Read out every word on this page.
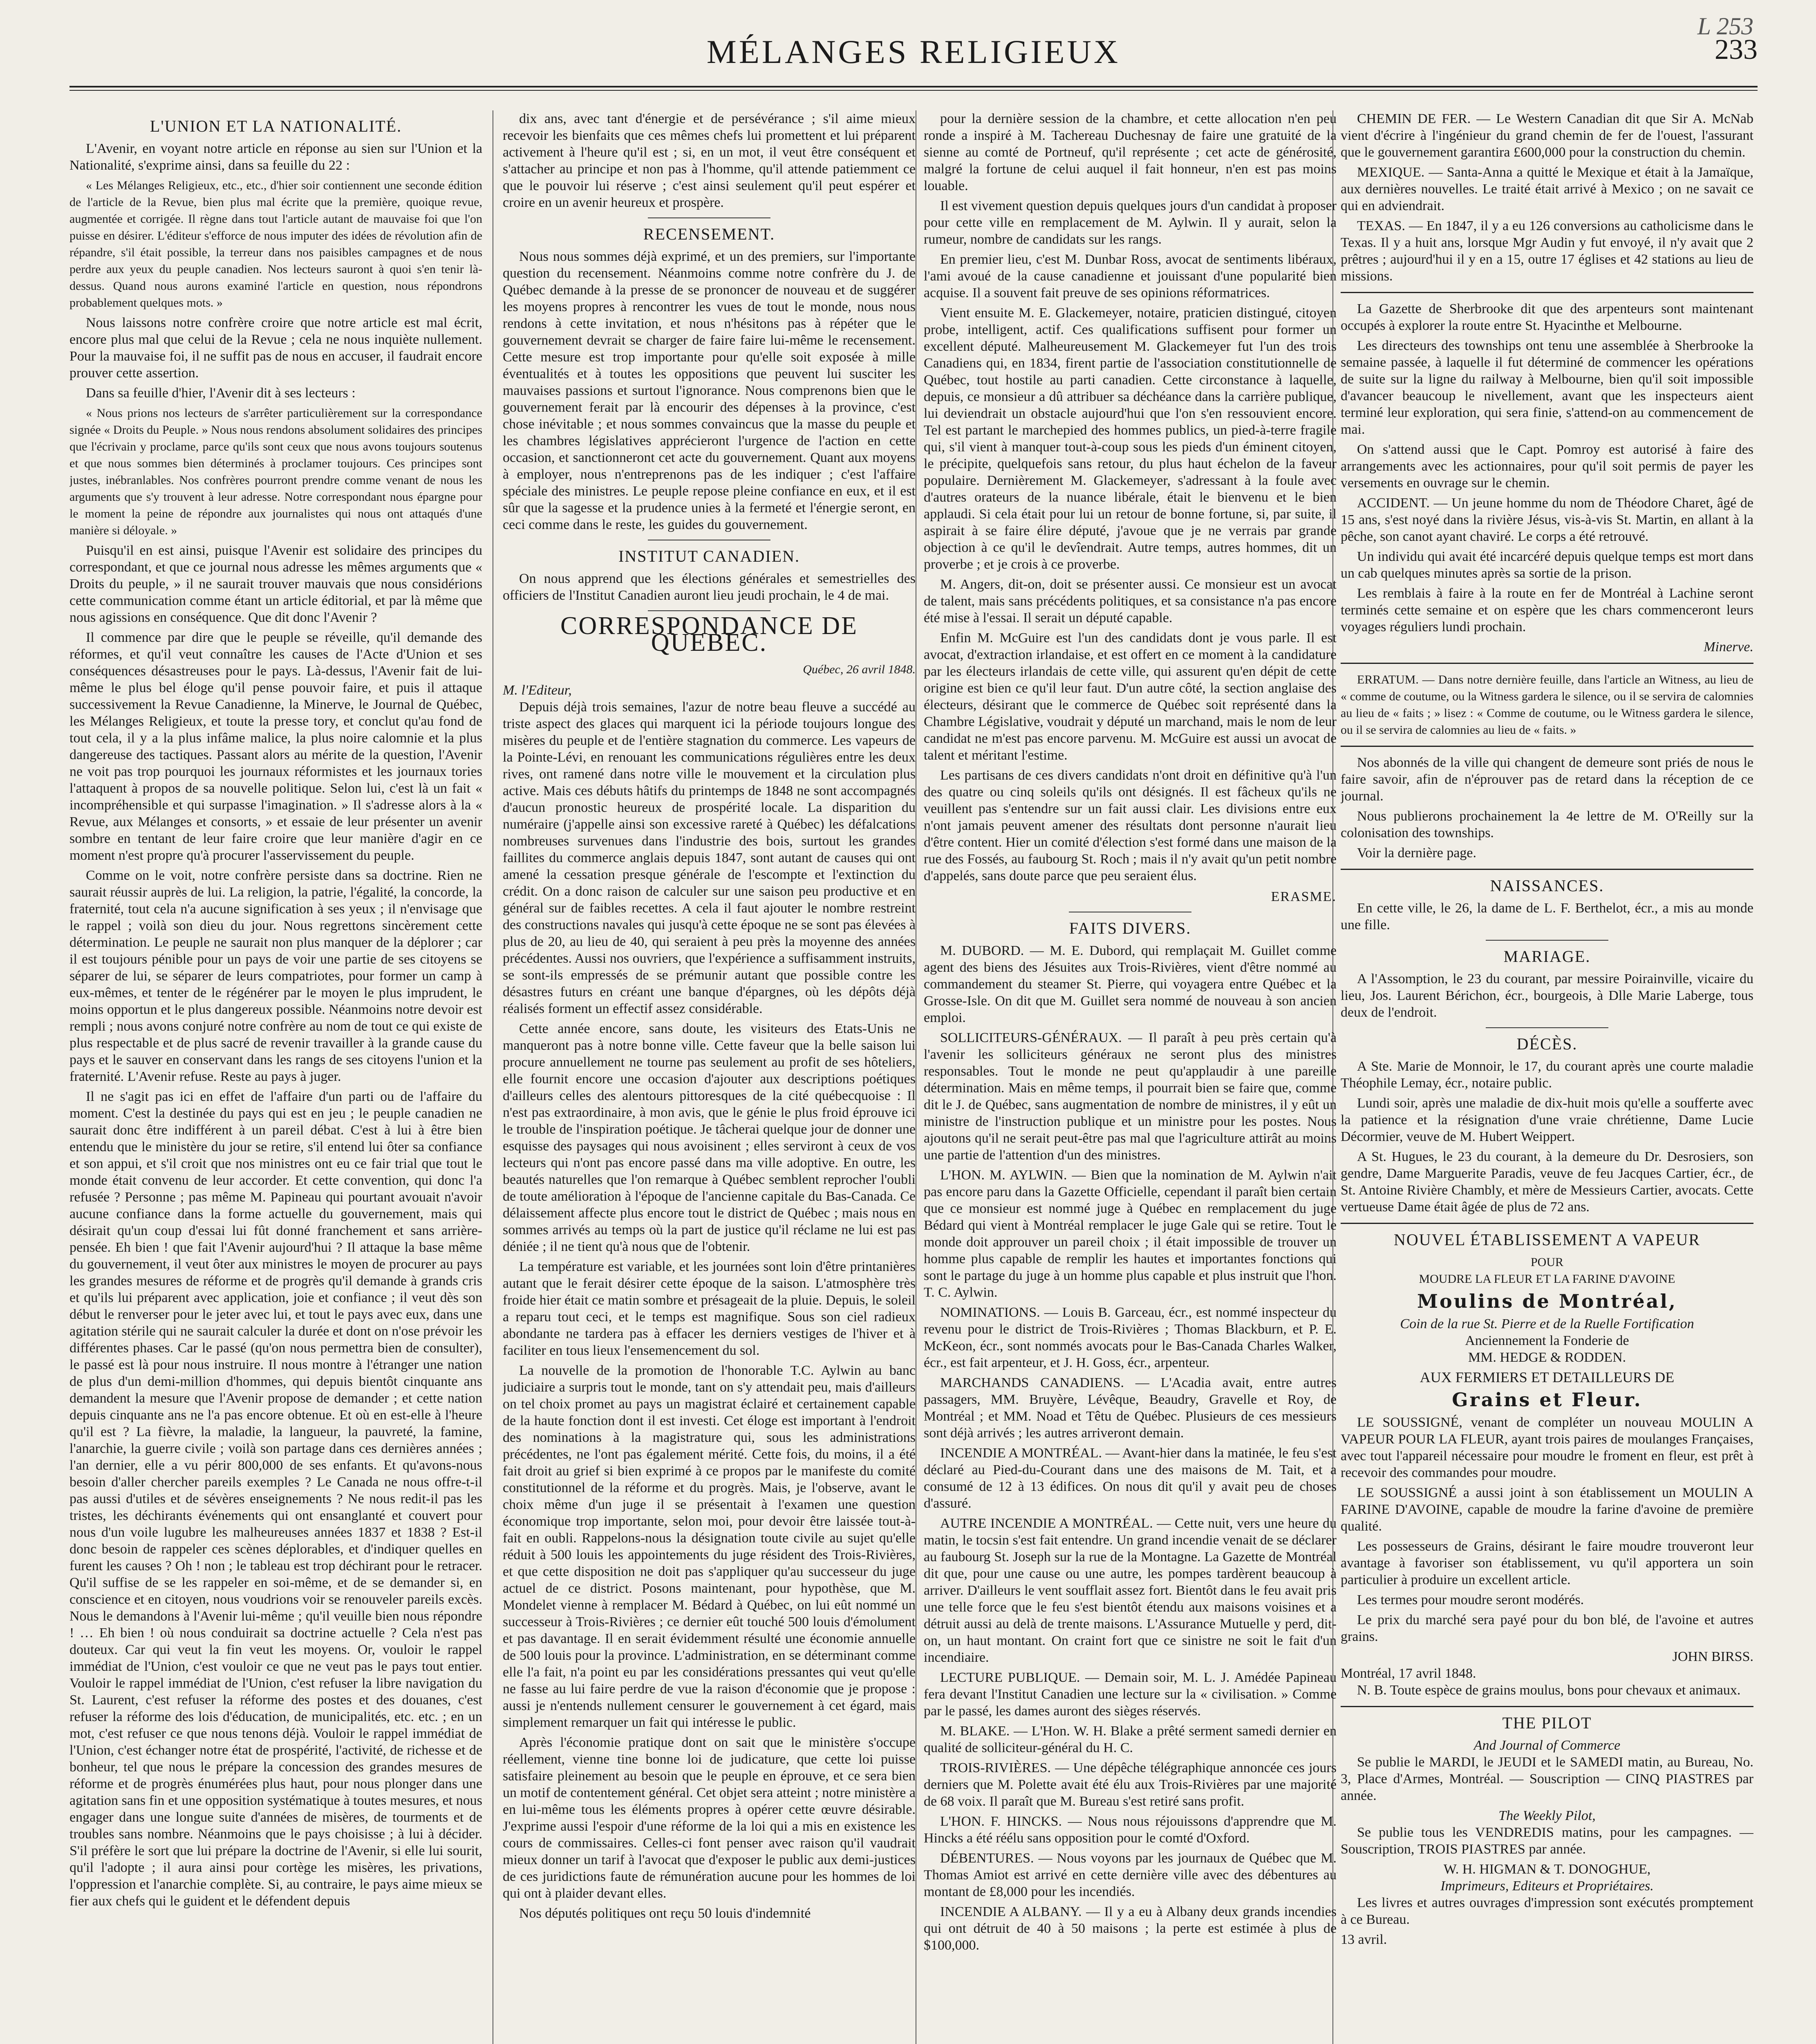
L 253
MÉLANGES RELIGIEUX	233
L'UNION ET LA NATIONALITÉ.

L'Avenir, en voyant notre article en réponse au sien sur l'Union et la Nationalité, s'exprime ainsi, dans sa feuille du 22 :

« Les Mélanges Religieux, etc., etc., d'hier soir contiennent une seconde édition de l'article de la Revue, bien plus mal écrite que la première, quoique revue, augmentée et corrigée. Il règne dans tout l'article autant de mauvaise foi que l'on puisse en désirer. L'éditeur s'efforce de nous imputer des idées de révolution afin de répandre, s'il était possible, la terreur dans nos paisibles campagnes et de nous perdre aux yeux du peuple canadien. Nos lecteurs sauront à quoi s'en tenir là-dessus. Quand nous aurons examiné l'article en question, nous répondrons probablement quelques mots. »

Nous laissons notre confrère croire que notre article est mal écrit, encore plus mal que celui de la Revue ; cela ne nous inquiète nullement. Pour la mauvaise foi, il ne suffit pas de nous en accuser, il faudrait encore prouver cette assertion.

Dans sa feuille d'hier, l'Avenir dit à ses lecteurs :

« Nous prions nos lecteurs de s'arrêter particulièrement sur la correspondance signée « Droits du Peuple. » Nous nous rendons absolument solidaires des principes que l'écrivain y proclame, parce qu'ils sont ceux que nous avons toujours soutenus et que nous sommes bien déterminés à proclamer toujours. Ces principes sont justes, inébranlables. Nos confrères pourront prendre comme venant de nous les arguments que s'y trouvent à leur adresse. Notre correspondant nous épargne pour le moment la peine de répondre aux journalistes qui nous ont attaqués d'une manière si déloyale. »

Puisqu'il en est ainsi, puisque l'Avenir est solidaire des principes du correspondant, et que ce journal nous adresse les mêmes arguments que « Droits du peuple, » il ne saurait trouver mauvais que nous considérions cette communication comme étant un article éditorial, et par là même que nous agissions en conséquence. Que dit donc l'Avenir ?

Il commence par dire que le peuple se réveille, qu'il demande des réformes, et qu'il veut connaître les causes de l'Acte d'Union et ses conséquences désastreuses pour le pays. Là-dessus, l'Avenir fait de lui-même le plus bel éloge qu'il pense pouvoir faire, et puis il attaque successivement la Revue Canadienne, la Minerve, le Journal de Québec, les Mélanges Religieux, et toute la presse tory, et conclut qu'au fond de tout cela, il y a la plus infâme malice, la plus noire calomnie et la plus dangereuse des tactiques. Passant alors au mérite de la question, l'Avenir ne voit pas trop pourquoi les journaux réformistes et les journaux tories l'attaquent à propos de sa nouvelle politique. Selon lui, c'est là un fait « incompréhensible et qui surpasse l'imagination. » Il s'adresse alors à la « Revue, aux Mélanges et consorts, » et essaie de leur présenter un avenir sombre en tentant de leur faire croire que leur manière d'agir en ce moment n'est propre qu'à procurer l'asservissement du peuple.

Comme on le voit, notre confrère persiste dans sa doctrine. Rien ne saurait réussir auprès de lui. La religion, la patrie, l'égalité, la concorde, la fraternité, tout cela n'a aucune signification à ses yeux ; il n'envisage que le rappel ; voilà son dieu du jour. Nous regrettons sincèrement cette détermination. Le peuple ne saurait non plus manquer de la déplorer ; car il est toujours pénible pour un pays de voir une partie de ses citoyens se séparer de lui, se séparer de leurs compatriotes, pour former un camp à eux-mêmes, et tenter de le régénérer par le moyen le plus imprudent, le moins opportun et le plus dangereux possible. Néanmoins notre devoir est rempli ; nous avons conjuré notre confrère au nom de tout ce qui existe de plus respectable et de plus sacré de revenir travailler à la grande cause du pays et le sauver en conservant dans les rangs de ses citoyens l'union et la fraternité. L'Avenir refuse. Reste au pays à juger.

Il ne s'agit pas ici en effet de l'affaire d'un parti ou de l'affaire du moment. C'est la destinée du pays qui est en jeu ; le peuple canadien ne saurait donc être indifférent à un pareil débat. C'est à lui à être bien entendu que le ministère du jour se retire, s'il entend lui ôter sa confiance et son appui, et s'il croit que nos ministres ont eu ce fair trial que tout le monde était convenu de leur accorder. Et cette convention, qui donc l'a refusée ? Personne ; pas même M. Papineau qui pourtant avouait n'avoir aucune confiance dans la forme actuelle du gouvernement, mais qui désirait qu'un coup d'essai lui fût donné franchement et sans arrière-pensée. Eh bien ! que fait l'Avenir aujourd'hui ? Il attaque la base même du gouvernement, il veut ôter aux ministres le moyen de procurer au pays les grandes mesures de réforme et de progrès qu'il demande à grands cris et qu'ils lui préparent avec application, joie et confiance ; il veut dès son début le renverser pour le jeter avec lui, et tout le pays avec eux, dans une agitation stérile qui ne saurait calculer la durée et dont on n'ose prévoir les différentes phases. Car le passé (qu'on nous permettra bien de consulter), le passé est là pour nous instruire. Il nous montre à l'étranger une nation de plus d'un demi-million d'hommes, qui depuis bientôt cinquante ans demandent la mesure que l'Avenir propose de demander ; et cette nation depuis cinquante ans ne l'a pas encore obtenue. Et où en est-elle à l'heure qu'il est ? La fièvre, la maladie, la langueur, la pauvreté, la famine, l'anarchie, la guerre civile ; voilà son partage dans ces dernières années ; l'an dernier, elle a vu périr 800,000 de ses enfants. Et qu'avons-nous besoin d'aller chercher pareils exemples ? Le Canada ne nous offre-t-il pas aussi d'utiles et de sévères enseignements ? Ne nous redit-il pas les tristes, les déchirants événements qui ont ensanglanté et couvert pour nous d'un voile lugubre les malheureuses années 1837 et 1838 ? Est-il donc besoin de rappeler ces scènes déplorables, et d'indiquer quelles en furent les causes ? Oh ! non ; le tableau est trop déchirant pour le retracer. Qu'il suffise de se les rappeler en soi-même, et de se demander si, en conscience et en citoyen, nous voudrions voir se renouveler pareils excès. Nous le demandons à l'Avenir lui-même ; qu'il veuille bien nous répondre ! … Eh bien ! où nous conduirait sa doctrine actuelle ? Cela n'est pas douteux. Car qui veut la fin veut les moyens. Or, vouloir le rappel immédiat de l'Union, c'est vouloir ce que ne veut pas le pays tout entier. Vouloir le rappel immédiat de l'Union, c'est refuser la libre navigation du St. Laurent, c'est refuser la réforme des postes et des douanes, c'est refuser la réforme des lois d'éducation, de municipalités, etc. etc. ; en un mot, c'est refuser ce que nous tenons déjà. Vouloir le rappel immédiat de l'Union, c'est échanger notre état de prospérité, l'activité, de richesse et de bonheur, tel que nous le prépare la concession des grandes mesures de réforme et de progrès énumérées plus haut, pour nous plonger dans une agitation sans fin et une opposition systématique à toutes mesures, et nous engager dans une longue suite d'années de misères, de tourments et de troubles sans nombre. Néanmoins que le pays choisisse ; à lui à décider. S'il préfère le sort que lui prépare la doctrine de l'Avenir, si elle lui sourit, qu'il l'adopte ; il aura ainsi pour cortège les misères, les privations, l'oppression et l'anarchie complète. Si, au contraire, le pays aime mieux se fier aux chefs qui le guident et le défendent depuis

dix ans, avec tant d'énergie et de persévérance ; s'il aime mieux recevoir les bienfaits que ces mêmes chefs lui promettent et lui préparent activement à l'heure qu'il est ; si, en un mot, il veut être conséquent et s'attacher au principe et non pas à l'homme, qu'il attende patiemment ce que le pouvoir lui réserve ; c'est ainsi seulement qu'il peut espérer et croire en un avenir heureux et prospère.

RECENSEMENT.

Nous nous sommes déjà exprimé, et un des premiers, sur l'importante question du recensement. Néanmoins comme notre confrère du J. de Québec demande à la presse de se prononcer de nouveau et de suggérer les moyens propres à rencontrer les vues de tout le monde, nous nous rendons à cette invitation, et nous n'hésitons pas à répéter que le gouvernement devrait se charger de faire faire lui-même le recensement. Cette mesure est trop importante pour qu'elle soit exposée à mille éventualités et à toutes les oppositions que peuvent lui susciter les mauvaises passions et surtout l'ignorance. Nous comprenons bien que le gouvernement ferait par là encourir des dépenses à la province, c'est chose inévitable ; et nous sommes convaincus que la masse du peuple et les chambres législatives apprécieront l'urgence de l'action en cette occasion, et sanctionneront cet acte du gouvernement. Quant aux moyens à employer, nous n'entreprenons pas de les indiquer ; c'est l'affaire spéciale des ministres. Le peuple repose pleine confiance en eux, et il est sûr que la sagesse et la prudence unies à la fermeté et l'énergie seront, en ceci comme dans le reste, les guides du gouvernement.

INSTITUT CANADIEN.

On nous apprend que les élections générales et semestrielles des officiers de l'Institut Canadien auront lieu jeudi prochain, le 4 de mai.

CORRESPONDANCE DE QUEBEC.
Québec, 26 avril 1848.
M. l'Editeur,

Depuis déjà trois semaines, l'azur de notre beau fleuve a succédé au triste aspect des glaces qui marquent ici la période toujours longue des misères du peuple et de l'entière stagnation du commerce. Les vapeurs de la Pointe-Lévi, en renouant les communications régulières entre les deux rives, ont ramené dans notre ville le mouvement et la circulation plus active. Mais ces débuts hâtifs du printemps de 1848 ne sont accompagnés d'aucun pronostic heureux de prospérité locale. La disparition du numéraire (j'appelle ainsi son excessive rareté à Québec) les défalcations nombreuses survenues dans l'industrie des bois, surtout les grandes faillites du commerce anglais depuis 1847, sont autant de causes qui ont amené la cessation presque générale de l'escompte et l'extinction du crédit. On a donc raison de calculer sur une saison peu productive et en général sur de faibles recettes. A cela il faut ajouter le nombre restreint des constructions navales qui jusqu'à cette époque ne se sont pas élevées à plus de 20, au lieu de 40, qui seraient à peu près la moyenne des années précédentes. Aussi nos ouvriers, que l'expérience a suffisamment instruits, se sont-ils empressés de se prémunir autant que possible contre les désastres futurs en créant une banque d'épargnes, où les dépôts déjà réalisés forment un effectif assez considérable.

Cette année encore, sans doute, les visiteurs des Etats-Unis ne manqueront pas à notre bonne ville. Cette faveur que la belle saison lui procure annuellement ne tourne pas seulement au profit de ses hôteliers, elle fournit encore une occasion d'ajouter aux descriptions poétiques d'ailleurs celles des alentours pittoresques de la cité québecquoise : Il n'est pas extraordinaire, à mon avis, que le génie le plus froid éprouve ici le trouble de l'inspiration poétique. Je tâcherai quelque jour de donner une esquisse des paysages qui nous avoisinent ; elles serviront à ceux de vos lecteurs qui n'ont pas encore passé dans ma ville adoptive. En outre, les beautés naturelles que l'on remarque à Québec semblent reprocher l'oubli de toute amélioration à l'époque de l'ancienne capitale du Bas-Canada. Ce délaissement affecte plus encore tout le district de Québec ; mais nous en sommes arrivés au temps où la part de justice qu'il réclame ne lui est pas déniée ; il ne tient qu'à nous que de l'obtenir.

La température est variable, et les journées sont loin d'être printanières autant que le ferait désirer cette époque de la saison. L'atmosphère très froide hier était ce matin sombre et présageait de la pluie. Depuis, le soleil a reparu tout ceci, et le temps est magnifique. Sous son ciel radieux abondante ne tardera pas à effacer les derniers vestiges de l'hiver et à faciliter en tous lieux l'ensemencement du sol.

La nouvelle de la promotion de l'honorable T.C. Aylwin au banc judiciaire a surpris tout le monde, tant on s'y attendait peu, mais d'ailleurs on tel choix promet au pays un magistrat éclairé et certainement capable de la haute fonction dont il est investi. Cet éloge est important à l'endroit des nominations à la magistrature qui, sous les administrations précédentes, ne l'ont pas également mérité. Cette fois, du moins, il a été fait droit au grief si bien exprimé à ce propos par le manifeste du comité constitutionnel de la réforme et du progrès. Mais, je l'observe, avant le choix même d'un juge il se présentait à l'examen une question économique trop importante, selon moi, pour devoir être laissée tout-à-fait en oubli. Rappelons-nous la désignation toute civile au sujet qu'elle réduit à 500 louis les appointements du juge résident des Trois-Rivières, et que cette disposition ne doit pas s'appliquer qu'au successeur du juge actuel de ce district. Posons maintenant, pour hypothèse, que M. Mondelet vienne à remplacer M. Bédard à Québec, on lui eût nommé un successeur à Trois-Rivières ; ce dernier eût touché 500 louis d'émolument et pas davantage. Il en serait évidemment résulté une économie annuelle de 500 louis pour la province. L'administration, en se déterminant comme elle l'a fait, n'a point eu par les considérations pressantes qui veut qu'elle ne fasse au lui faire perdre de vue la raison d'économie que je propose : aussi je n'entends nullement censurer le gouvernement à cet égard, mais simplement remarquer un fait qui intéresse le public.

Après l'économie pratique dont on sait que le ministère s'occupe réellement, vienne tine bonne loi de judicature, que cette loi puisse satisfaire pleinement au besoin que le peuple en éprouve, et ce sera bien un motif de contentement général. Cet objet sera atteint ; notre ministère a en lui-même tous les éléments propres à opérer cette œuvre désirable. J'exprime aussi l'espoir d'une réforme de la loi qui a mis en existence les cours de commissaires. Celles-ci font penser avec raison qu'il vaudrait mieux donner un tarif à l'avocat que d'exposer le public aux demi-justices de ces juridictions faute de rémunération aucune pour les hommes de loi qui ont à plaider devant elles.

Nos députés politiques ont reçu 50 louis d'indemnité

pour la dernière session de la chambre, et cette allocation n'en peu ronde a inspiré à M. Tachereau Duchesnay de faire une gratuité de la sienne au comté de Portneuf, qu'il représente ; cet acte de générosité, malgré la fortune de celui auquel il fait honneur, n'en est pas moins louable.

Il est vivement question depuis quelques jours d'un candidat à proposer pour cette ville en remplacement de M. Aylwin. Il y aurait, selon la rumeur, nombre de candidats sur les rangs.

En premier lieu, c'est M. Dunbar Ross, avocat de sentiments libéraux, l'ami avoué de la cause canadienne et jouissant d'une popularité bien acquise. Il a souvent fait preuve de ses opinions réformatrices.

Vient ensuite M. E. Glackemeyer, notaire, praticien distingué, citoyen probe, intelligent, actif. Ces qualifications suffisent pour former un excellent député. Malheureusement M. Glackemeyer fut l'un des trois Canadiens qui, en 1834, firent partie de l'association constitutionnelle de Québec, tout hostile au parti canadien. Cette circonstance à laquelle, depuis, ce monsieur a dû attribuer sa déchéance dans la carrière publique, lui deviendrait un obstacle aujourd'hui que l'on s'en ressouvient encore. Tel est partant le marchepied des hommes publics, un pied-à-terre fragile qui, s'il vient à manquer tout-à-coup sous les pieds d'un éminent citoyen, le précipite, quelquefois sans retour, du plus haut échelon de la faveur populaire. Dernièrement M. Glackemeyer, s'adressant à la foule avec d'autres orateurs de la nuance libérale, était le bienvenu et le bien applaudi. Si cela était pour lui un retour de bonne fortune, si, par suite, il aspirait à se faire élire député, j'avoue que je ne verrais par grande objection à ce qu'il le devîendrait. Autre temps, autres hommes, dit un proverbe ; et je crois à ce proverbe.

M. Angers, dit-on, doit se présenter aussi. Ce monsieur est un avocat de talent, mais sans précédents politiques, et sa consistance n'a pas encore été mise à l'essai. Il serait un député capable.

Enfin M. McGuire est l'un des candidats dont je vous parle. Il est avocat, d'extraction irlandaise, et est offert en ce moment à la candidature par les électeurs irlandais de cette ville, qui assurent qu'en dépit de cette origine est bien ce qu'il leur faut. D'un autre côté, la section anglaise des électeurs, désirant que le commerce de Québec soit représenté dans la Chambre Législative, voudrait y député un marchand, mais le nom de leur candidat ne m'est pas encore parvenu. M. McGuire est aussi un avocat de talent et méritant l'estime.

Les partisans de ces divers candidats n'ont droit en définitive qu'à l'un des quatre ou cinq soleils qu'ils ont désignés. Il est fâcheux qu'ils ne veuillent pas s'entendre sur un fait aussi clair. Les divisions entre eux n'ont jamais peuvent amener des résultats dont personne n'aurait lieu d'être content. Hier un comité d'élection s'est formé dans une maison de la rue des Fossés, au faubourg St. Roch ; mais il n'y avait qu'un petit nombre d'appelés, sans doute parce que peu seraient élus.

ERASME.
FAITS DIVERS.

M. DUBORD. — M. E. Dubord, qui remplaçait M. Guillet comme agent des biens des Jésuites aux Trois-Rivières, vient d'être nommé au commandement du steamer St. Pierre, qui voyagera entre Québec et la Grosse-Isle. On dit que M. Guillet sera nommé de nouveau à son ancien emploi.

SOLLICITEURS-GÉNÉRAUX. — Il paraît à peu près certain qu'à l'avenir les solliciteurs généraux ne seront plus des ministres responsables. Tout le monde ne peut qu'applaudir à une pareille détermination. Mais en même temps, il pourrait bien se faire que, comme dit le J. de Québec, sans augmentation de nombre de ministres, il y eût un ministre de l'instruction publique et un ministre pour les postes. Nous ajoutons qu'il ne serait peut-être pas mal que l'agriculture attirât au moins une partie de l'attention d'un des ministres.

L'HON. M. AYLWIN. — Bien que la nomination de M. Aylwin n'ait pas encore paru dans la Gazette Officielle, cependant il paraît bien certain que ce monsieur est nommé juge à Québec en remplacement du juge Bédard qui vient à Montréal remplacer le juge Gale qui se retire. Tout le monde doit approuver un pareil choix ; il était impossible de trouver un homme plus capable de remplir les hautes et importantes fonctions qui sont le partage du juge à un homme plus capable et plus instruit que l'hon. T. C. Aylwin.

NOMINATIONS. — Louis B. Garceau, écr., est nommé inspecteur du revenu pour le district de Trois-Rivières ; Thomas Blackburn, et P. E. McKeon, écr., sont nommés avocats pour le Bas-Canada Charles Walker, écr., est fait arpenteur, et J. H. Goss, écr., arpenteur.

MARCHANDS CANADIENS. — L'Acadia avait, entre autres passagers, MM. Bruyère, Lévêque, Beaudry, Gravelle et Roy, de Montréal ; et MM. Noad et Têtu de Québec. Plusieurs de ces messieurs sont déjà arrivés ; les autres arriveront demain.

INCENDIE A MONTRÉAL. — Avant-hier dans la matinée, le feu s'est déclaré au Pied-du-Courant dans une des maisons de M. Tait, et a consumé de 12 à 13 édifices. On nous dit qu'il y avait peu de choses d'assuré.

AUTRE INCENDIE A MONTRÉAL. — Cette nuit, vers une heure du matin, le tocsin s'est fait entendre. Un grand incendie venait de se déclarer au faubourg St. Joseph sur la rue de la Montagne. La Gazette de Montréal dit que, pour une cause ou une autre, les pompes tardèrent beaucoup à arriver. D'ailleurs le vent soufflait assez fort. Bientôt dans le feu avait pris une telle force que le feu s'est bientôt étendu aux maisons voisines et a détruit aussi au delà de trente maisons. L'Assurance Mutuelle y perd, dit-on, un haut montant. On craint fort que ce sinistre ne soit le fait d'un incendiaire.

LECTURE PUBLIQUE. — Demain soir, M. L. J. Amédée Papineau fera devant l'Institut Canadien une lecture sur la « civilisation. » Comme par le passé, les dames auront des sièges réservés.

M. BLAKE. — L'Hon. W. H. Blake a prêté serment samedi dernier en qualité de solliciteur-général du H. C.

TROIS-RIVIÈRES. — Une dépêche télégraphique annoncée ces jours derniers que M. Polette avait été élu aux Trois-Rivières par une majorité de 68 voix. Il paraît que M. Bureau s'est retiré sans profit.

L'HON. F. HINCKS. — Nous nous réjouissons d'apprendre que M. Hincks a été réélu sans opposition pour le comté d'Oxford.

DÉBENTURES. — Nous voyons par les journaux de Québec que M. Thomas Amiot est arrivé en cette dernière ville avec des débentures au montant de £8,000 pour les incendiés.

INCENDIE A ALBANY. — Il y a eu à Albany deux grands incendies qui ont détruit de 40 à 50 maisons ; la perte est estimée à plus de $100,000.

CHEMIN DE FER. — Le Western Canadian dit que Sir A. McNab vient d'écrire à l'ingénieur du grand chemin de fer de l'ouest, l'assurant que le gouvernement garantira £600,000 pour la construction du chemin.

MEXIQUE. — Santa-Anna a quitté le Mexique et était à la Jamaïque, aux dernières nouvelles. Le traité était arrivé à Mexico ; on ne savait ce qui en adviendrait.

TEXAS. — En 1847, il y a eu 126 conversions au catholicisme dans le Texas. Il y a huit ans, lorsque Mgr Audin y fut envoyé, il n'y avait que 2 prêtres ; aujourd'hui il y en a 15, outre 17 églises et 42 stations au lieu de missions.

La Gazette de Sherbrooke dit que des arpenteurs sont maintenant occupés à explorer la route entre St. Hyacinthe et Melbourne.

Les directeurs des townships ont tenu une assemblée à Sherbrooke la semaine passée, à laquelle il fut déterminé de commencer les opérations de suite sur la ligne du railway à Melbourne, bien qu'il soit impossible d'avancer beaucoup le nivellement, avant que les inspecteurs aient terminé leur exploration, qui sera finie, s'attend-on au commencement de mai.

On s'attend aussi que le Capt. Pomroy est autorisé à faire des arrangements avec les actionnaires, pour qu'il soit permis de payer les versements en ouvrage sur le chemin.

ACCIDENT. — Un jeune homme du nom de Théodore Charet, âgé de 15 ans, s'est noyé dans la rivière Jésus, vis-à-vis St. Martin, en allant à la pêche, son canot ayant chaviré. Le corps a été retrouvé.

Un individu qui avait été incarcéré depuis quelque temps est mort dans un cab quelques minutes après sa sortie de la prison.

Les remblais à faire à la route en fer de Montréal à Lachine seront terminés cette semaine et on espère que les chars commenceront leurs voyages réguliers lundi prochain.

Minerve.

ERRATUM. — Dans notre dernière feuille, dans l'article an Witness, au lieu de « comme de coutume, ou la Witness gardera le silence, ou il se servira de calomnies au lieu de « faits ; » lisez : « Comme de coutume, ou le Witness gardera le silence, ou il se servira de calomnies au lieu de « faits. »

Nos abonnés de la ville qui changent de demeure sont priés de nous le faire savoir, afin de n'éprouver pas de retard dans la réception de ce journal.

Nous publierons prochainement la 4e lettre de M. O'Reilly sur la colonisation des townships.

Voir la dernière page.

NAISSANCES.

En cette ville, le 26, la dame de L. F. Berthelot, écr., a mis au monde une fille.

MARIAGE.

A l'Assomption, le 23 du courant, par messire Poirainville, vicaire du lieu, Jos. Laurent Bérichon, écr., bourgeois, à Dlle Marie Laberge, tous deux de l'endroit.

DÉCÈS.

A Ste. Marie de Monnoir, le 17, du courant après une courte maladie Théophile Lemay, écr., notaire public.

Lundi soir, après une maladie de dix-huit mois qu'elle a soufferte avec la patience et la résignation d'une vraie chrétienne, Dame Lucie Décormier, veuve de M. Hubert Weippert.

A St. Hugues, le 23 du courant, à la demeure du Dr. Desrosiers, son gendre, Dame Marguerite Paradis, veuve de feu Jacques Cartier, écr., de St. Antoine Rivière Chambly, et mère de Messieurs Cartier, avocats. Cette vertueuse Dame était âgée de plus de 72 ans.

NOUVEL ÉTABLISSEMENT A VAPEUR
POUR
MOUDRE LA FLEUR ET LA FARINE D'AVOINE
Moulins de Montréal,
Coin de la rue St. Pierre et de la Ruelle Fortification
Anciennement la Fonderie de
MM. HEDGE & RODDEN.
AUX FERMIERS ET DETAILLEURS DE
Grains et Fleur.

LE SOUSSIGNÉ, venant de compléter un nouveau MOULIN A VAPEUR POUR LA FLEUR, ayant trois paires de moulanges Françaises, avec tout l'appareil nécessaire pour moudre le froment en fleur, est prêt à recevoir des commandes pour moudre.

LE SOUSSIGNÉ a aussi joint à son établissement un MOULIN A FARINE D'AVOINE, capable de moudre la farine d'avoine de première qualité.

Les possesseurs de Grains, désirant le faire moudre trouveront leur avantage à favoriser son établissement, vu qu'il apportera un soin particulier à produire un excellent article.

Les termes pour moudre seront modérés.

Le prix du marché sera payé pour du bon blé, de l'avoine et autres grains.

JOHN BIRSS.
Montréal, 17 avril 1848.

N. B. Toute espèce de grains moulus, bons pour chevaux et animaux.

THE PILOT
And Journal of Commerce

Se publie le MARDI, le JEUDI et le SAMEDI matin, au Bureau, No. 3, Place d'Armes, Montréal. — Souscription — CINQ PIASTRES par année.

The Weekly Pilot,

Se publie tous les VENDREDIS matins, pour les campagnes. — Souscription, TROIS PIASTRES par année.

W. H. HIGMAN & T. DONOGHUE,
Imprimeurs, Editeurs et Propriétaires.

Les livres et autres ouvrages d'impression sont exécutés promptement à ce Bureau.

13 avril.
